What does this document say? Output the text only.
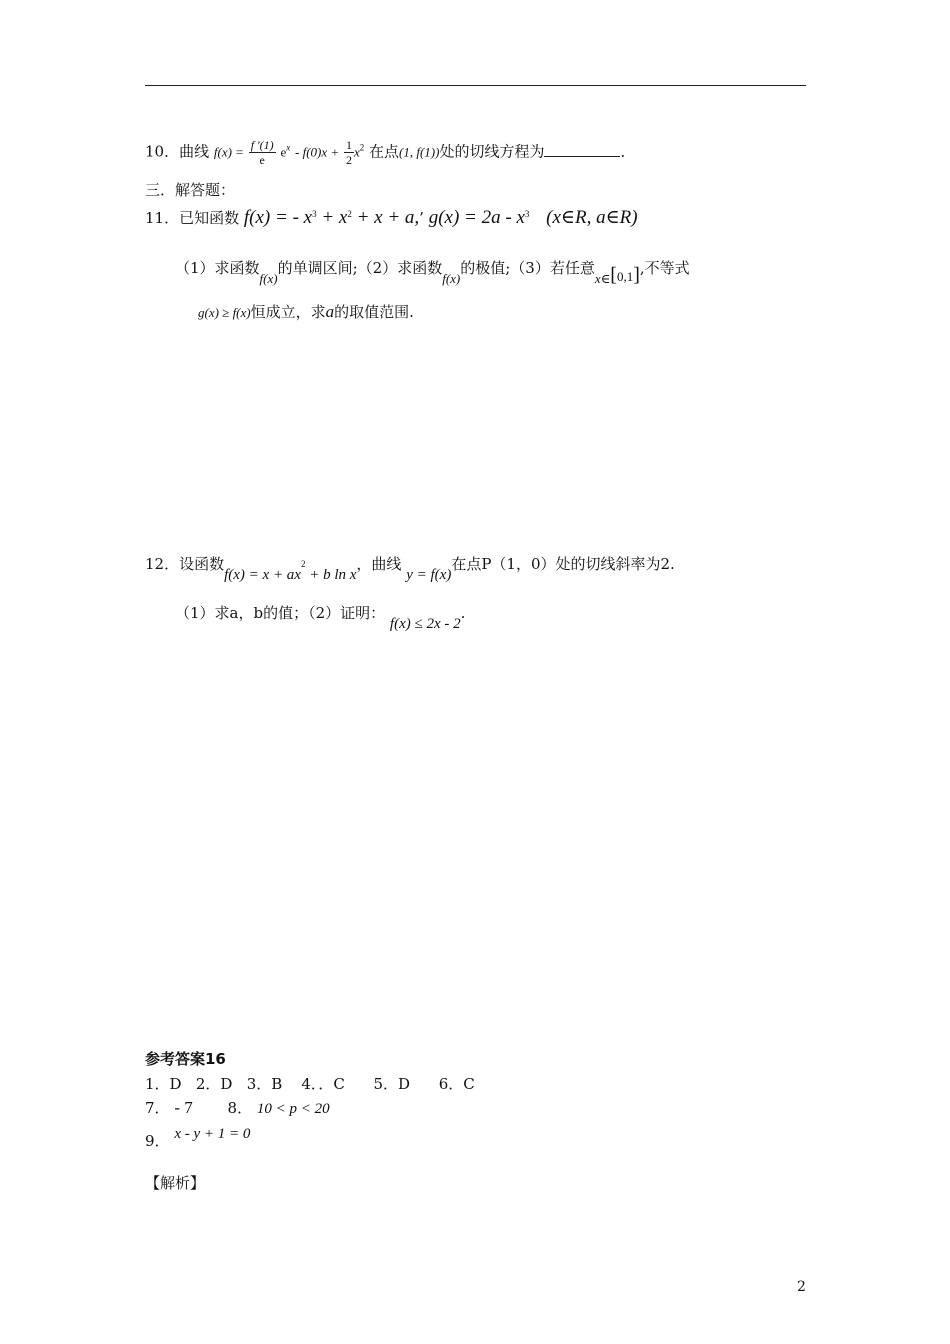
10．曲线 $f(x) = \frac{f '(1)}{e} e^x - f(0)x + \frac{1}{2} x^2$ 在点(1, f(1))处的切线方程为	．
三．解答题：
11．已知函数 f(x) = - $x^3 + x^2 + x + a$,’ $g(x) = 2a - x^3$ (x∈R, a∈R)
（1）求函数f(x)的单调区间;（2）求函数f(x)的极值;（3）若任意x∈[0,1],不等式
g(x) ≥ f(x)恒成立，求a的取值范围.
12．设函数$f(x) = x + ax^2 + b$ ln x，曲线 y = f(x)在点P（1，0）处的切线斜率为2.
（1）求a，b的值；（2）证明： f(x) ≤ 2x - 2.
参考答案16
1．D   2．D   3．B    4．．C      5．D      6．C
7． - 7 8． 10 < p < 20
9． x - y + 1 = 0
【解析】
2
